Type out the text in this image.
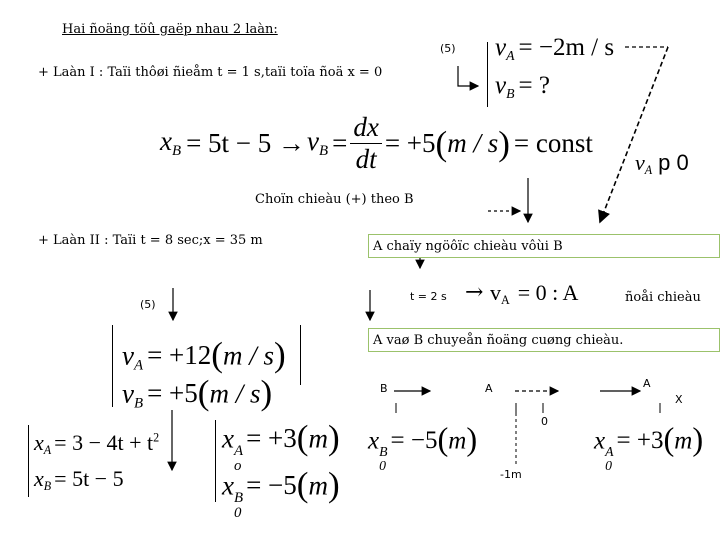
Hai ñoäng töû gaëp nhau 2 laàn:
(5)
+ Laàn I : Taïi thôøi ñieåm t = 1 s,taïi toïa ñoä x = 0
$v_A = -2m / s$
$v_B$ = ?
$x_B = 5t - 5 \to v_B = \frac{dx}{dt} = +5$ ( m / s ) = const
$v_A$ p 0
Choïn chieàu (+) theo B
+ Laàn II : Taïi t = 8 sec;x = 35 m	A chaïy ngöôïc chieàu vôùi B
t = 2 $s \to v_A = 0$ : A	ñoåi chieàu
(5)
A vaø B chuyeån ñoäng cuøng chieàu.
$v_A = +12(m / s)$
$v_B = +5(m / s)$	B	A	A
X
0
-1m
x B
0
= −5(m)	x A
0
= +3(m)
$x_A = 3 - 4t + t^2$
$x_B = 5t - 5$
x A
o
= +3(m)
x B
0
= −5(m)
